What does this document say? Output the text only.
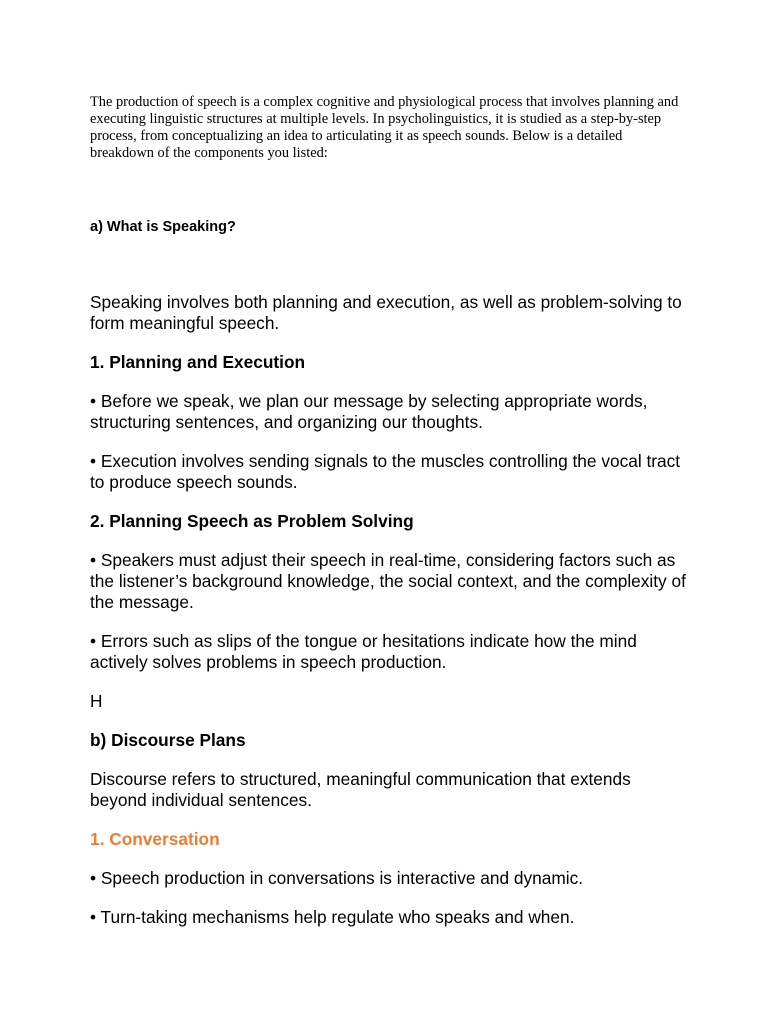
The production of speech is a complex cognitive and physiological process that involves planning and executing linguistic structures at multiple levels. In psycholinguistics, it is studied as a step-by-step process, from conceptualizing an idea to articulating it as speech sounds. Below is a detailed breakdown of the components you listed:

a) What is Speaking?

Speaking involves both planning and execution, as well as problem-solving to form meaningful speech.

1. Planning and Execution

• Before we speak, we plan our message by selecting appropriate words, structuring sentences, and organizing our thoughts.

• Execution involves sending signals to the muscles controlling the vocal tract to produce speech sounds.

2. Planning Speech as Problem Solving

• Speakers must adjust their speech in real-time, considering factors such as the listener’s background knowledge, the social context, and the complexity of the message.

• Errors such as slips of the tongue or hesitations indicate how the mind actively solves problems in speech production.

H

b) Discourse Plans

Discourse refers to structured, meaningful communication that extends beyond individual sentences.

1. Conversation

• Speech production in conversations is interactive and dynamic.

• Turn-taking mechanisms help regulate who speaks and when.
